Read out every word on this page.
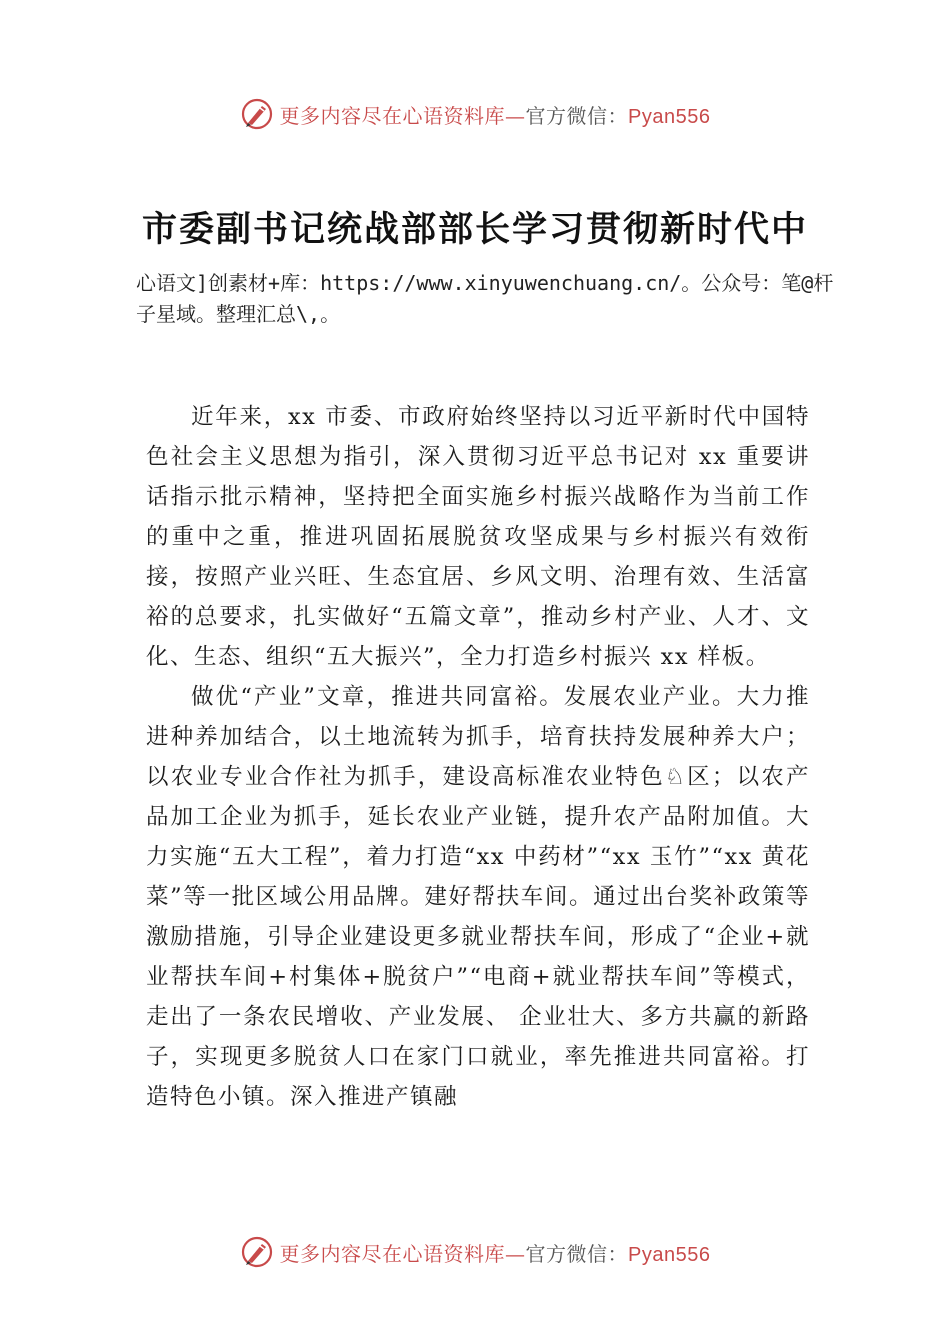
更多内容尽在心语资料库—官方微信：Pyan556
市委副书记统战部部长学习贯彻新时代中
心语文]创素材+库：https://www.xinyuwenchuang.cn/。公众号：笔@杆子星域。整理汇总\,。

近年来，xx 市委、市政府始终坚持以习近平新时代中国特色社会主义思想为指引，深入贯彻习近平总书记对 xx 重要讲话指示批示精神，坚持把全面实施乡村振兴战略作为当前工作的重中之重，推进巩固拓展脱贫攻坚成果与乡村振兴有效衔接，按照产业兴旺、生态宜居、乡风文明、治理有效、生活富裕的总要求，扎实做好“五篇文章”，推动乡村产业、人才、文化、生态、组织“五大振兴”，全力打造乡村振兴 xx 样板。

做优“产业”文章，推进共同富裕。发展农业产业。大力推进种养加结合，以土地流转为抓手，培育扶持发展种养大户；以农业专业合作社为抓手，建设高标准农业特色♘区；以农产品加工企业为抓手，延长农业产业链，提升农产品附加值。大力实施“五大工程”，着力打造“xx 中药材”“xx 玉竹”“xx 黄花菜”等一批区域公用品牌。建好帮扶车间。通过出台奖补政策等激励措施，引导企业建设更多就业帮扶车间，形成了“企业+就业帮扶车间+村集体+脱贫户”“电商+就业帮扶车间”等模式，走出了一条农民增收、产业发展、 企业壮大、多方共赢的新路子，实现更多脱贫人口在家门口就业，率先推进共同富裕。打造特色小镇。深入推进产镇融

更多内容尽在心语资料库—官方微信：Pyan556
